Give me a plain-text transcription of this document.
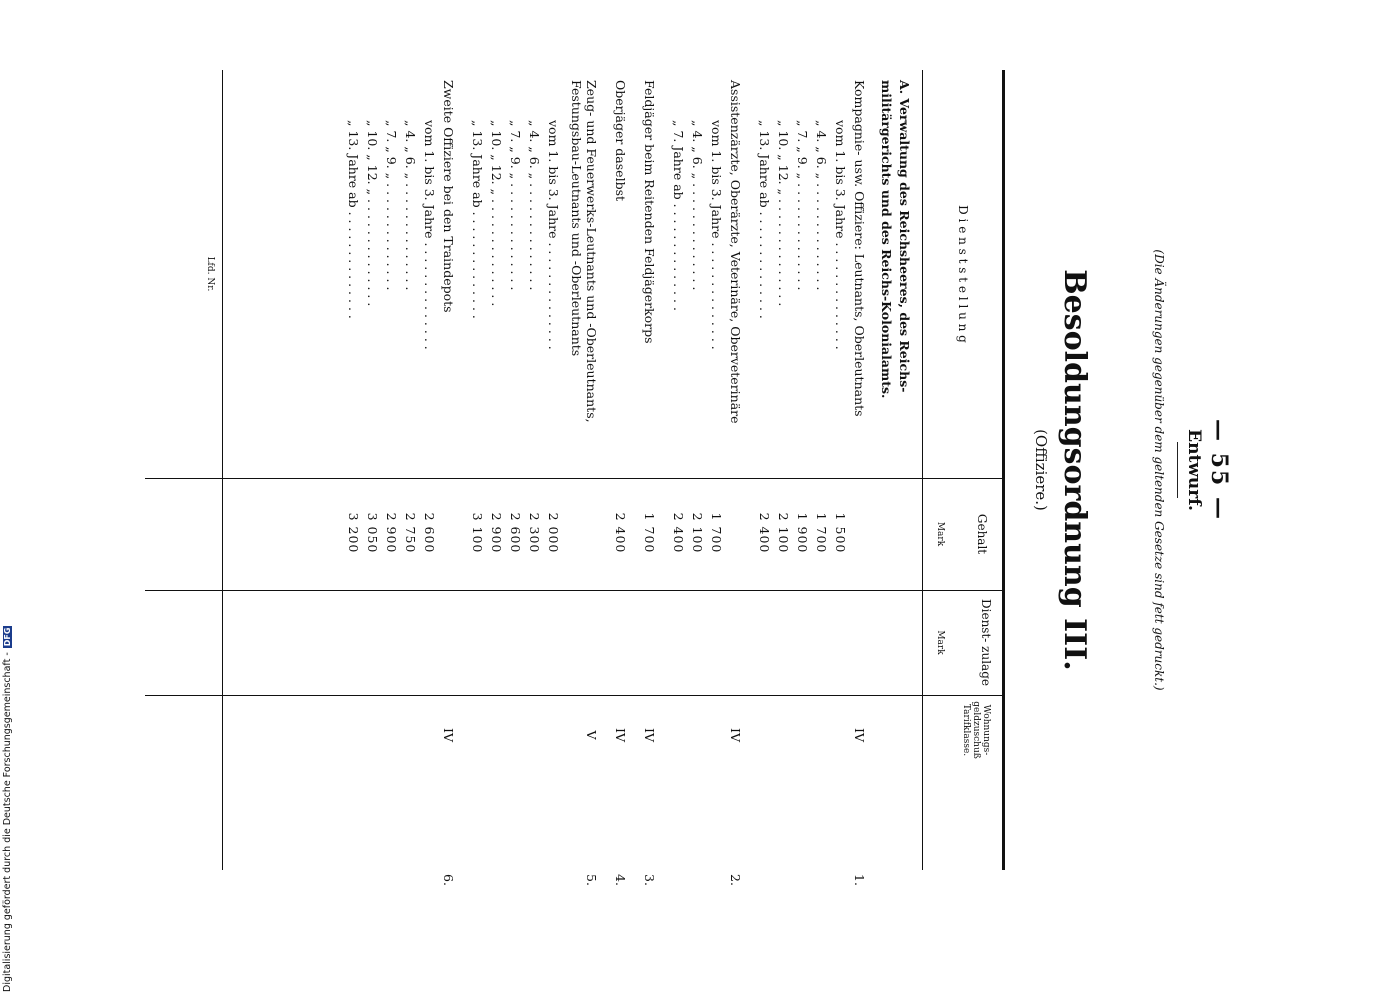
— 55 —
Entwurf.
(Die Änderungen gegenüber dem geltenden Gesetze sind fett gedruckt.)
Besoldungsordnung III.
(Offiziere.)
D i e n s t s t e l l u n g
Gehalt
Mark
Dienst- zulage
Mark
Wohnungs- geldzuschuß Tarifklasse.
Lfd. Nr.	A. Verwaltung des Reichsheeres, des Reichs- militärgerichts und des Reichs-Kolonialamts.
1.
Kompagnie- usw. Offiziere: Leutnants, Oberleutnants
IV
vom 1. bis 3. Jahre . . . . . . . . . . . . . .
1 500
„ 4. „ 6. „ . . . . . . . . . . . . . .
1 700
„ 7. „ 9. „ . . . . . . . . . . . . . .
1 900
„ 10. „ 12. „ . . . . . . . . . . . . . .
2 100
„ 13. Jahre ab . . . . . . . . . . . . . .
2 400
2.
Assistenzärzte, Oberärzte, Veterinäre, Oberveterinäre
IV
vom 1. bis 3. Jahre . . . . . . . . . . . . . .
1 700
„ 4. „ 6. „ . . . . . . . . . . . . . .
2 100
„ 7. Jahre ab . . . . . . . . . . . . . .
2 400
3.
Feldjäger beim Reitenden Feldjägerkorps
1 700
IV
4.
Oberjäger daselbst
2 400
IV
5.
Zeug- und Feuerwerks-Leutnants und -Oberleutnants, Festungsbau-Leutnants und -Oberleutnants
V
vom 1. bis 3. Jahre . . . . . . . . . . . . . .
2 000
„ 4. „ 6. „ . . . . . . . . . . . . . .
2 300
„ 7. „ 9. „ . . . . . . . . . . . . . .
2 600
„ 10. „ 12. „ . . . . . . . . . . . . . .
2 900
„ 13. Jahre ab . . . . . . . . . . . . . .
3 100
6.
Zweite Offiziere bei den Traindepots
IV
vom 1. bis 3. Jahre . . . . . . . . . . . . . .
2 600
„ 4. „ 6. „ . . . . . . . . . . . . . .
2 750
„ 7. „ 9. „ . . . . . . . . . . . . . .
2 900
„ 10. „ 12. „ . . . . . . . . . . . . . .
3 050
„ 13. Jahre ab . . . . . . . . . . . . . .
3 200
Digitalisierung gefördert durch die Deutsche Forschungsgemeinschaft -DFG
